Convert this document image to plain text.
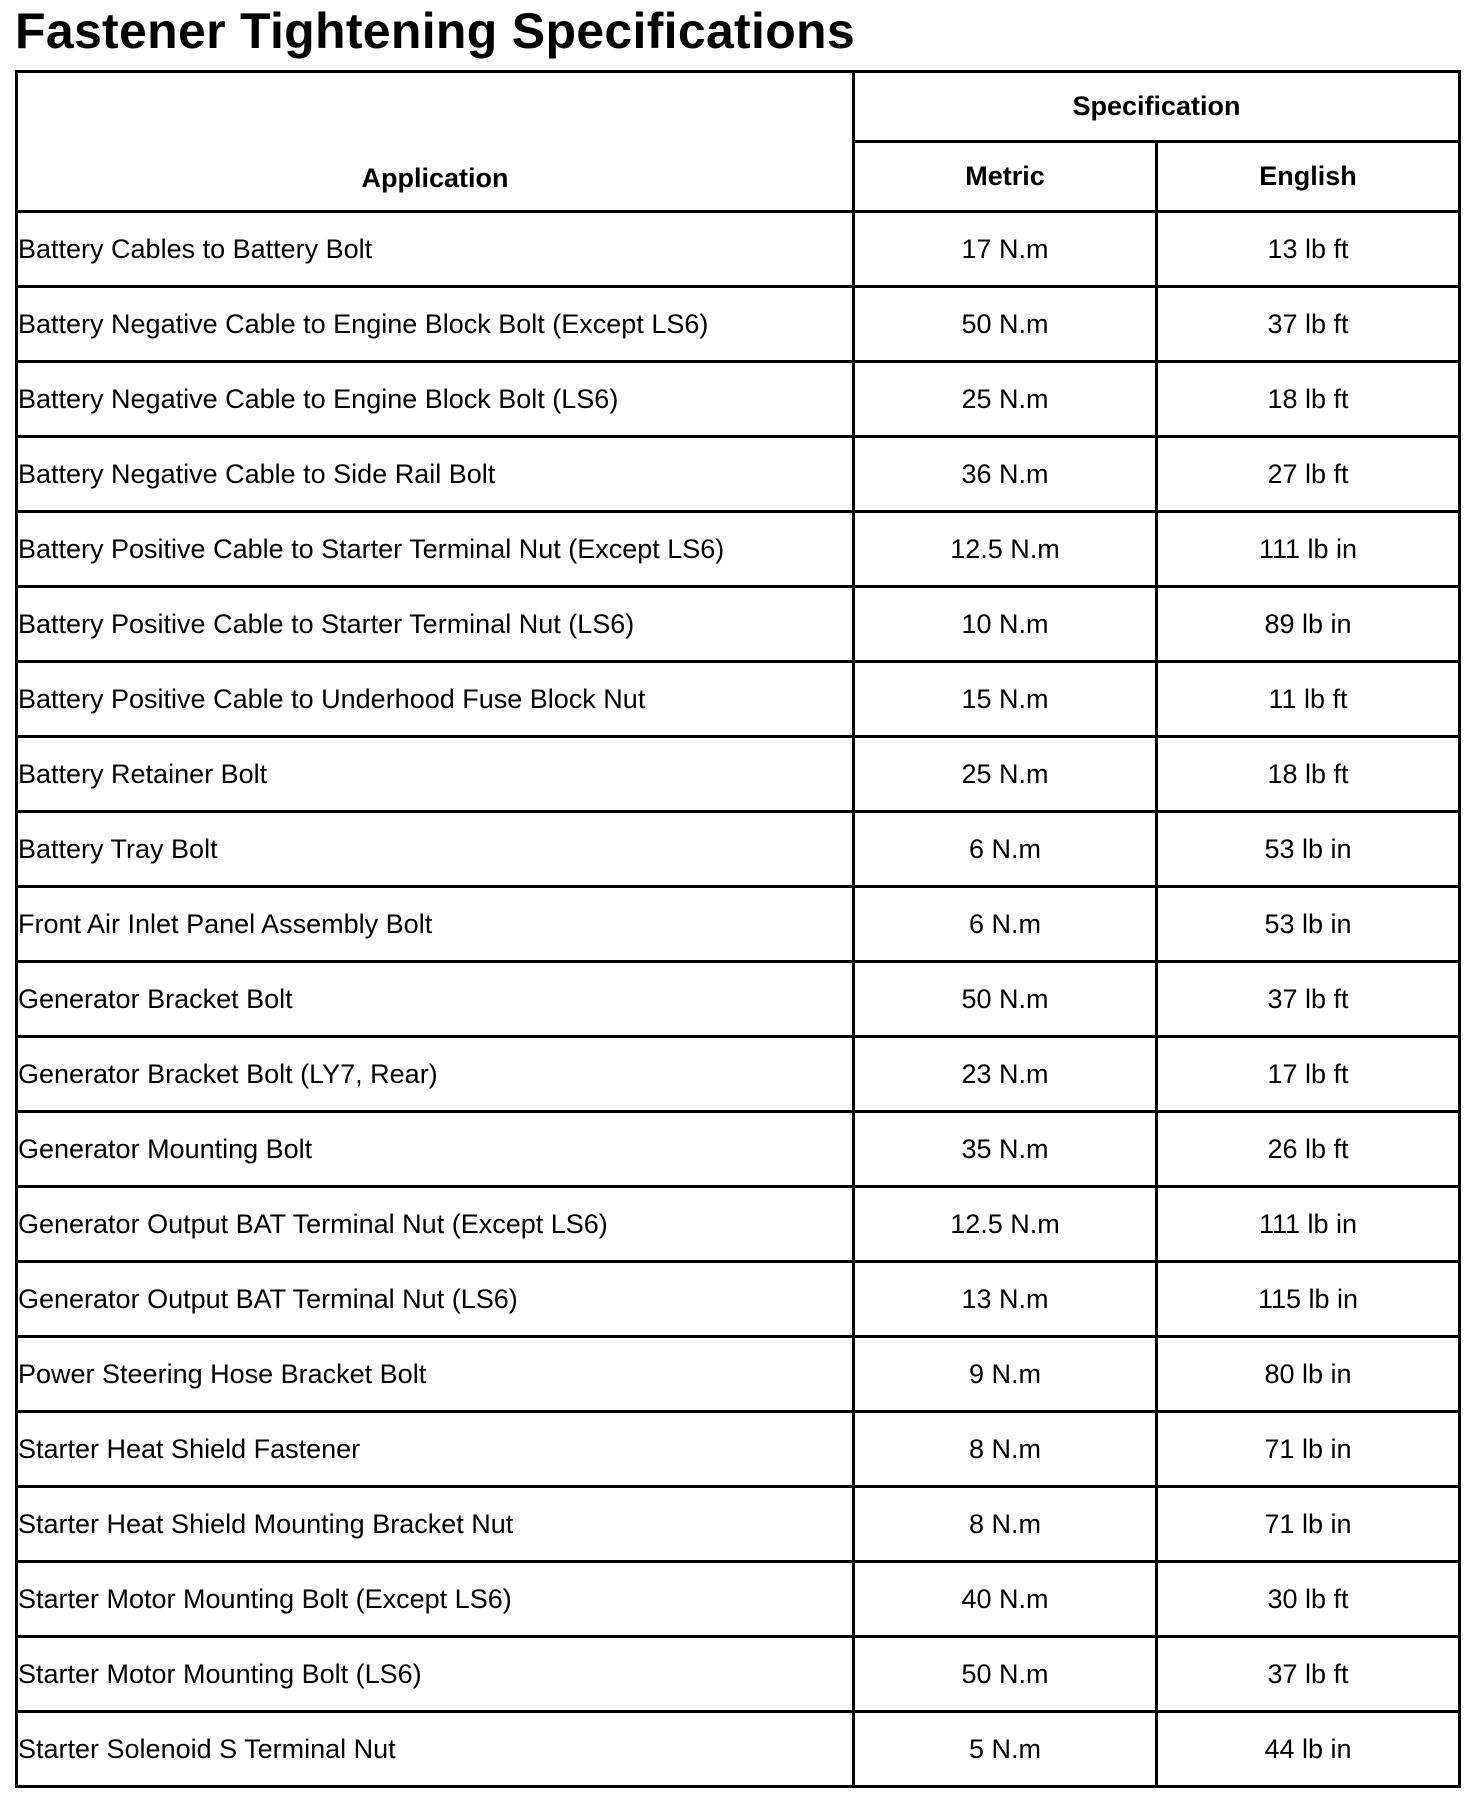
Fastener Tightening Specifications
Application	Specification	
	Metric	English
Battery Cables to Battery Bolt	17 N.m	13 lb ft
Battery Negative Cable to Engine Block Bolt (Except LS6)	50 N.m	37 lb ft
Battery Negative Cable to Engine Block Bolt (LS6)	25 N.m	18 lb ft
Battery Negative Cable to Side Rail Bolt	36 N.m	27 lb ft
Battery Positive Cable to Starter Terminal Nut (Except LS6)	12.5 N.m	111 lb in
Battery Positive Cable to Starter Terminal Nut (LS6)	10 N.m	89 lb in
Battery Positive Cable to Underhood Fuse Block Nut	15 N.m	11 lb ft
Battery Retainer Bolt	25 N.m	18 lb ft
Battery Tray Bolt	6 N.m	53 lb in
Front Air Inlet Panel Assembly Bolt	6 N.m	53 lb in
Generator Bracket Bolt	50 N.m	37 lb ft
Generator Bracket Bolt (LY7, Rear)	23 N.m	17 lb ft
Generator Mounting Bolt	35 N.m	26 lb ft
Generator Output BAT Terminal Nut (Except LS6)	12.5 N.m	111 lb in
Generator Output BAT Terminal Nut (LS6)	13 N.m	115 lb in
Power Steering Hose Bracket Bolt	9 N.m	80 lb in
Starter Heat Shield Fastener	8 N.m	71 lb in
Starter Heat Shield Mounting Bracket Nut	8 N.m	71 lb in
Starter Motor Mounting Bolt (Except LS6)	40 N.m	30 lb ft
Starter Motor Mounting Bolt (LS6)	50 N.m	37 lb ft
Starter Solenoid S Terminal Nut	5 N.m	44 lb in
